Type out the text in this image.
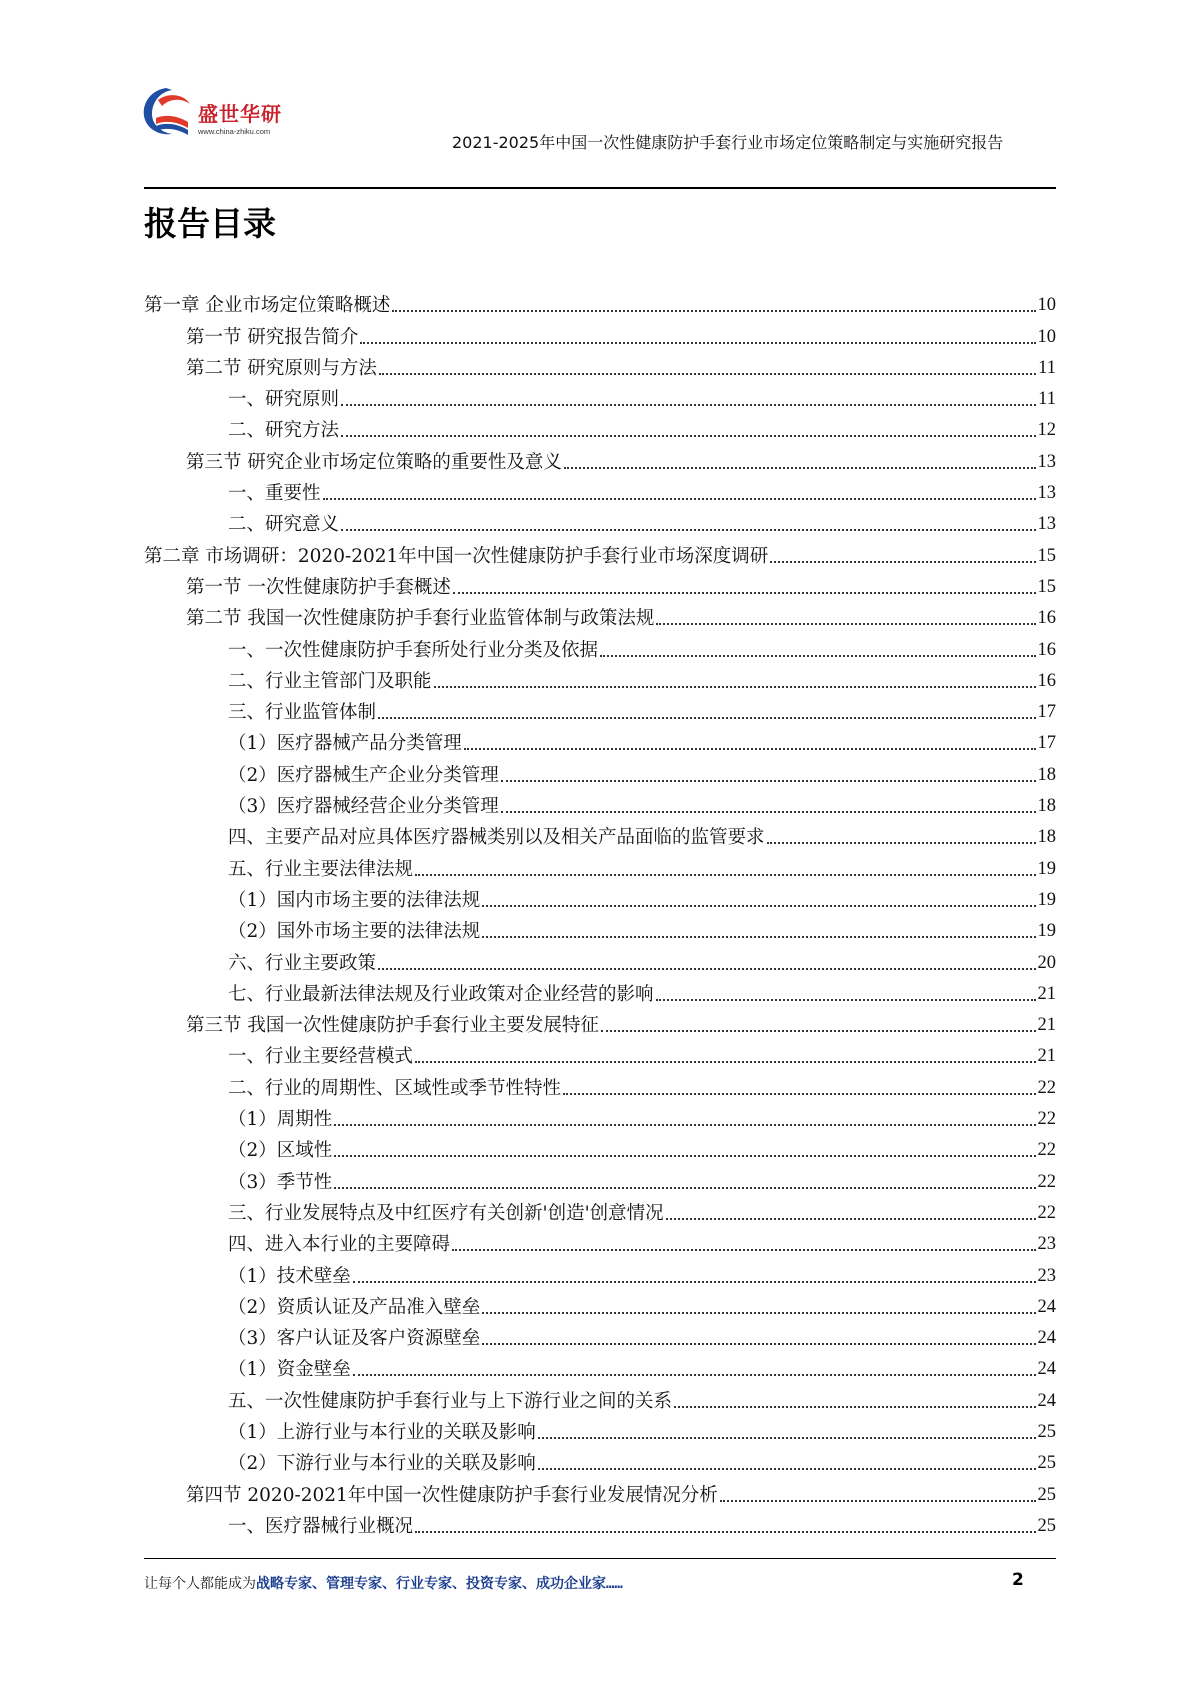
盛世华研
www.china-zhiku.com
2021-2025年中国一次性健康防护手套行业市场定位策略制定与实施研究报告
报告目录
第一章 企业市场定位策略概述	10
第一节 研究报告简介	10
第二节 研究原则与方法	11
一、研究原则	11
二、研究方法	12
第三节 研究企业市场定位策略的重要性及意义	13
一、重要性	13
二、研究意义	13
第二章 市场调研：2020-2021年中国一次性健康防护手套行业市场深度调研	15
第一节 一次性健康防护手套概述	15
第二节 我国一次性健康防护手套行业监管体制与政策法规	16
一、一次性健康防护手套所处行业分类及依据	16
二、行业主管部门及职能	16
三、行业监管体制	17
（1）医疗器械产品分类管理	17
（2）医疗器械生产企业分类管理	18
（3）医疗器械经营企业分类管理	18
四、主要产品对应具体医疗器械类别以及相关产品面临的监管要求	18
五、行业主要法律法规	19
（1）国内市场主要的法律法规	19
（2）国外市场主要的法律法规	19
六、行业主要政策	20
七、行业最新法律法规及行业政策对企业经营的影响	21
第三节 我国一次性健康防护手套行业主要发展特征	21
一、行业主要经营模式	21
二、行业的周期性、区域性或季节性特性	22
（1）周期性	22
（2）区域性	22
（3）季节性	22
三、行业发展特点及中红医疗有关创新'创造'创意情况	22
四、进入本行业的主要障碍	23
（1）技术壁垒	23
（2）资质认证及产品准入壁垒	24
（3）客户认证及客户资源壁垒	24
（1）资金壁垒	24
五、一次性健康防护手套行业与上下游行业之间的关系	24
（1）上游行业与本行业的关联及影响	25
（2）下游行业与本行业的关联及影响	25
第四节 2020-2021年中国一次性健康防护手套行业发展情况分析	25
一、医疗器械行业概况	25
让每个人都能成为战略专家、管理专家、行业专家、投资专家、成功企业家……	2
